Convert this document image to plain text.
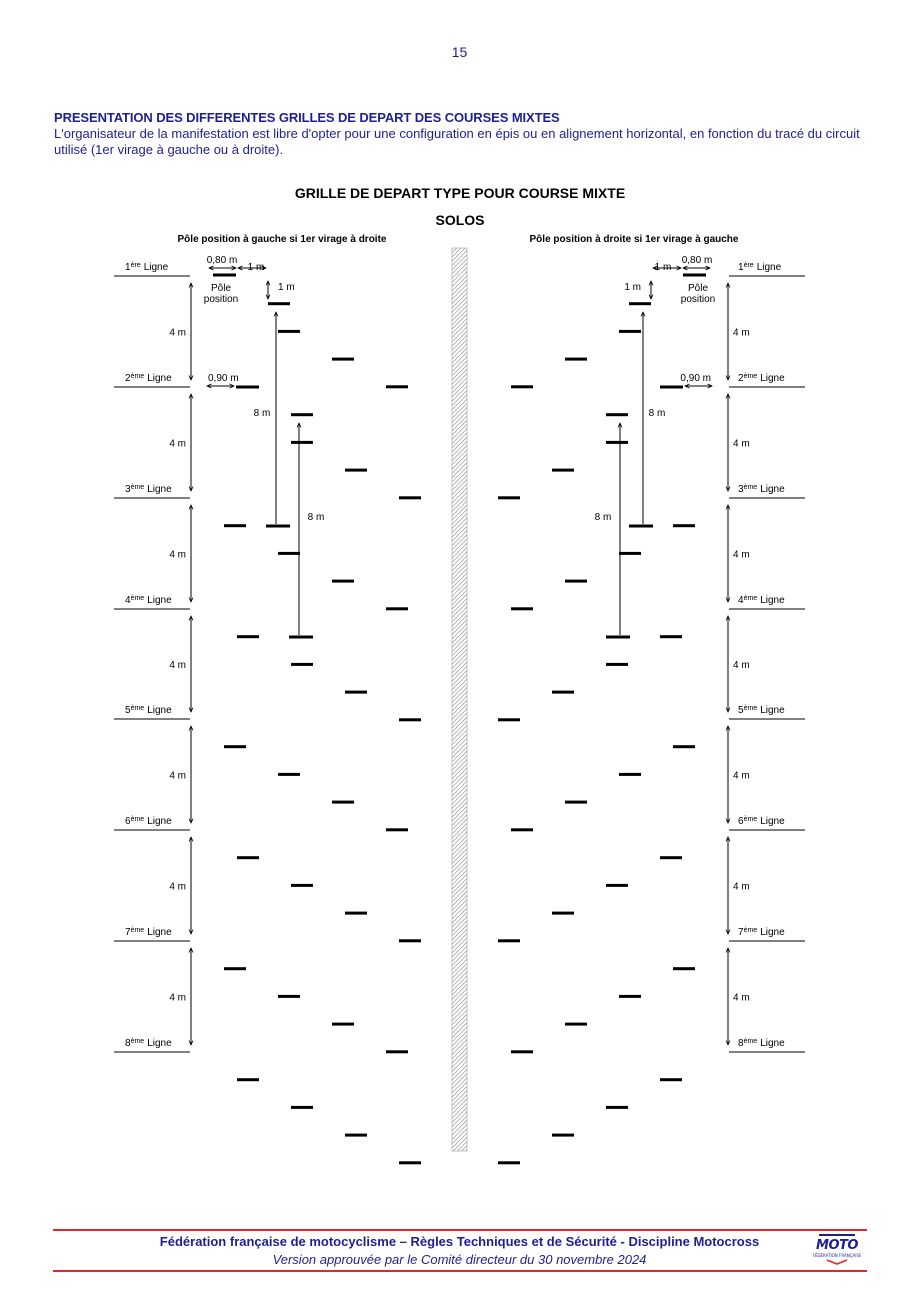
15
PRESENTATION DES DIFFERENTES GRILLES DE DEPART DES COURSES MIXTES
L'organisateur de la manifestation est libre d'opter pour une configuration en épis ou en alignement horizontal, en fonction du tracé du circuit utilisé (1er virage à gauche ou à droite).
GRILLE DE DEPART TYPE POUR COURSE MIXTE
SOLOS
Pôle position à gauche si 1er virage à droite	Pôle position à droite si 1er virage à gauche
1ère Ligne
2ème Ligne
3ème Ligne
4ème Ligne
5ème Ligne
6ème Ligne
7ème Ligne
8ème Ligne
4 m
4 m
4 m
4 m
4 m
4 m
4 m
0,80 m
1 m
1 m
Pôle
position
0,90 m
8 m
8 m
1ère Ligne
2ème Ligne
3ème Ligne
4ème Ligne
5ème Ligne
6ème Ligne
7ème Ligne
8ème Ligne
4 m
4 m
4 m
4 m
4 m
4 m
4 m
0,80 m
1 m
1 m	Pôle
position
0,90 m
8 m
8 m
Fédération française de motocyclisme – Règles Techniques et de Sécurité - Discipline Motocross
Version approuvée par le Comité directeur du 30 novembre 2024
MOTO
FÉDÉRATION FRANÇAISE
